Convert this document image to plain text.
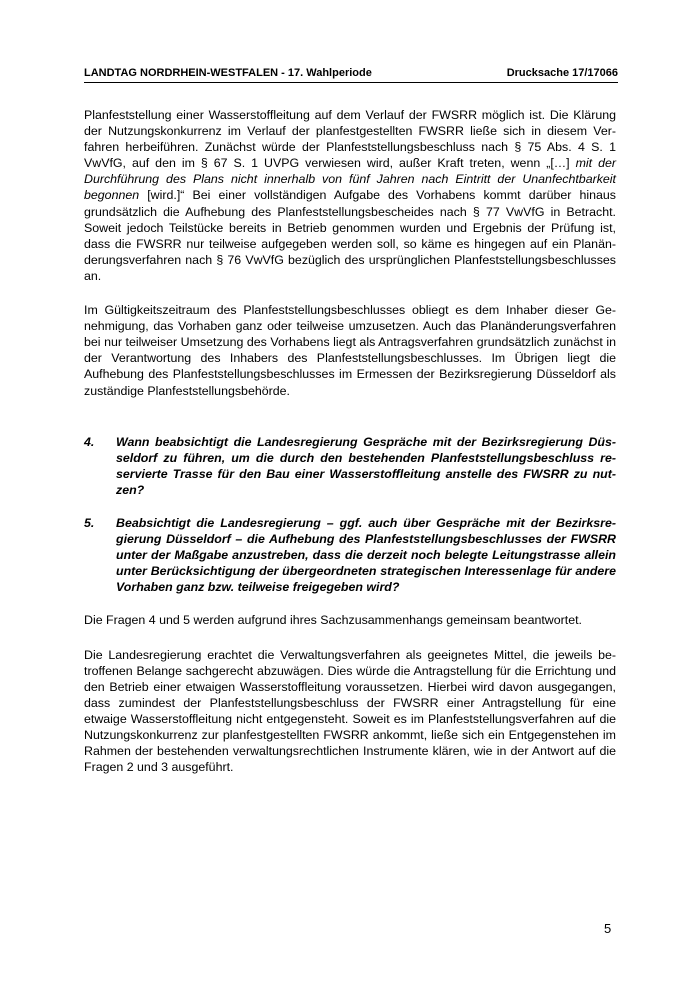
LANDTAG NORDRHEIN-WESTFALEN - 17. Wahlperiode	Drucksache 17/17066

Planfeststellung einer Wasserstoffleitung auf dem Verlauf der FWSRR möglich ist. Die Klärung der Nutzungskonkurrenz im Verlauf der planfestgestellten FWSRR ließe sich in diesem Verfahren herbeiführen. Zunächst würde der Planfeststellungsbeschluss nach § 75 Abs. 4 S. 1 VwVfG, auf den im § 67 S. 1 UVPG verwiesen wird, außer Kraft treten, wenn „[…] mit der Durchführung des Plans nicht innerhalb von fünf Jahren nach Eintritt der Unanfechtbarkeit begonnen [wird.]“ Bei einer vollständigen Aufgabe des Vorhabens kommt darüber hinaus grundsätzlich die Aufhebung des Planfeststellungsbescheides nach § 77 VwVfG in Betracht. Soweit jedoch Teilstücke bereits in Betrieb genommen wurden und Ergebnis der Prüfung ist, dass die FWSRR nur teilweise aufgegeben werden soll, so käme es hingegen auf ein Planänderungsverfahren nach § 76 VwVfG bezüglich des ursprünglichen Planfeststellungsbeschlusses an.

Im Gültigkeitszeitraum des Planfeststellungsbeschlusses obliegt es dem Inhaber dieser Genehmigung, das Vorhaben ganz oder teilweise umzusetzen. Auch das Planänderungsverfahren bei nur teilweiser Umsetzung des Vorhabens liegt als Antragsverfahren grundsätzlich zunächst in der Verantwortung des Inhabers des Planfeststellungsbeschlusses. Im Übrigen liegt die Aufhebung des Planfeststellungsbeschlusses im Ermessen der Bezirksregierung Düsseldorf als zuständige Planfeststellungsbehörde.

4.	Wann beabsichtigt die Landesregierung Gespräche mit der Bezirksregierung Düsseldorf zu führen, um die durch den bestehenden Planfeststellungsbeschluss reservierte Trasse für den Bau einer Wasserstoffleitung anstelle des FWSRR zu nutzen?
5.	Beabsichtigt die Landesregierung – ggf. auch über Gespräche mit der Bezirksregierung Düsseldorf – die Aufhebung des Planfeststellungsbeschlusses der FWSRR unter der Maßgabe anzustreben, dass die derzeit noch belegte Leitungstrasse allein unter Berücksichtigung der übergeordneten strategischen Interessenlage für andere Vorhaben ganz bzw. teilweise freigegeben wird?

Die Fragen 4 und 5 werden aufgrund ihres Sachzusammenhangs gemeinsam beantwortet.

Die Landesregierung erachtet die Verwaltungsverfahren als geeignetes Mittel, die jeweils betroffenen Belange sachgerecht abzuwägen. Dies würde die Antragstellung für die Errichtung und den Betrieb einer etwaigen Wasserstoffleitung voraussetzen. Hierbei wird davon ausgegangen, dass zumindest der Planfeststellungsbeschluss der FWSRR einer Antragstellung für eine etwaige Wasserstoffleitung nicht entgegensteht. Soweit es im Planfeststellungsverfahren auf die Nutzungskonkurrenz zur planfestgestellten FWSRR ankommt, ließe sich ein Entgegenstehen im Rahmen der bestehenden verwaltungsrechtlichen Instrumente klären, wie in der Antwort auf die Fragen 2 und 3 ausgeführt.

5
